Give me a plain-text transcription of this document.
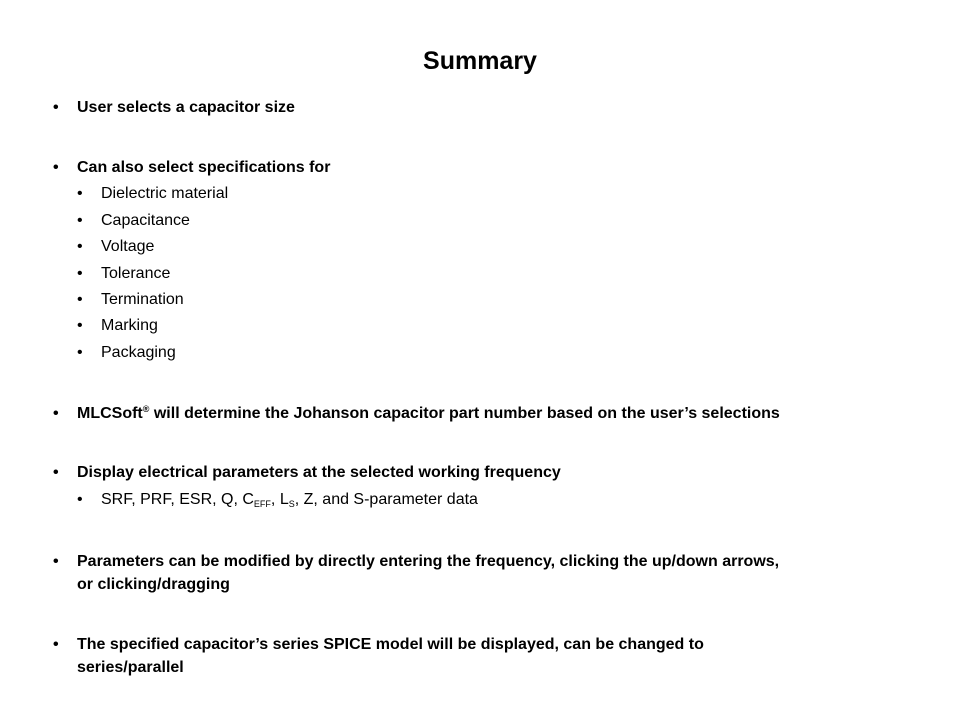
Summary
•	User selects a capacitor size
•	Can also select specifications for
•	Dielectric material
•	Capacitance
•	Voltage
•	Tolerance
•	Termination
•	Marking
•	Packaging
•	MLCSoft® will determine the Johanson capacitor part number based on the user’s selections
•	Display electrical parameters at the selected working frequency
•	SRF, PRF, ESR, Q, $C_{EFF}$, $L_S$, Z, and S-parameter data
•	Parameters can be modified by directly entering the frequency, clicking the up/down arrows,
or clicking/dragging
•	The specified capacitor’s series SPICE model will be displayed, can be changed to
series/parallel
